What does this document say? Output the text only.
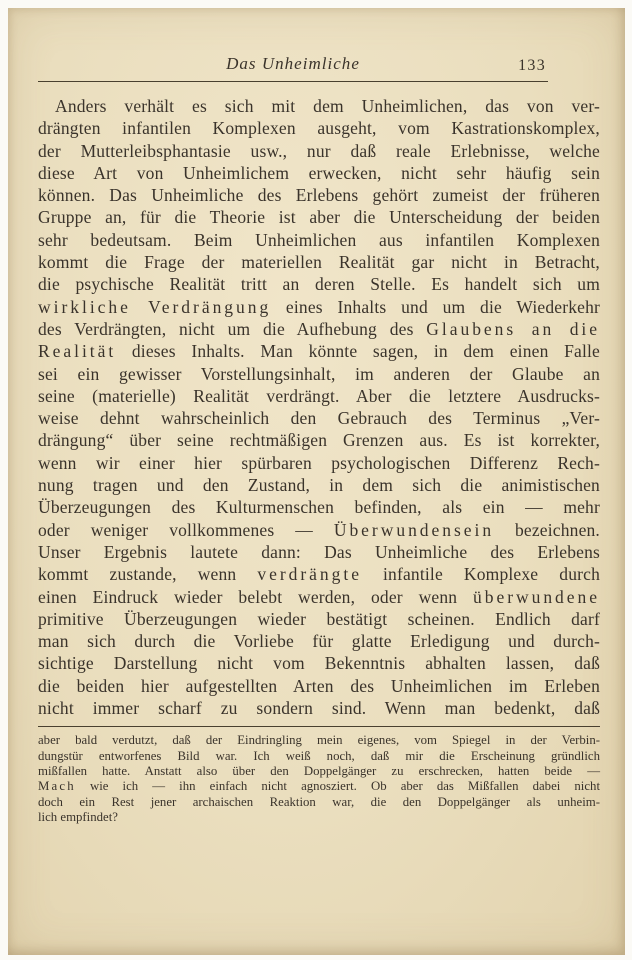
Das Unheimliche	133
Anders verhält es sich mit dem Unheimlichen, das von ver-
drängten infantilen Komplexen ausgeht, vom Kastrationskomplex,
der Mutterleibsphantasie usw., nur daß reale Erlebnisse, welche
diese Art von Unheimlichem erwecken, nicht sehr häufig sein
können. Das Unheimliche des Erlebens gehört zumeist der früheren
Gruppe an, für die Theorie ist aber die Unterscheidung der beiden
sehr bedeutsam. Beim Unheimlichen aus infantilen Komplexen
kommt die Frage der materiellen Realität gar nicht in Betracht,
die psychische Realität tritt an deren Stelle. Es handelt sich um
wirkliche Verdrängung eines Inhalts und um die Wiederkehr
des Verdrängten, nicht um die Aufhebung des Glaubens an die
Realität dieses Inhalts. Man könnte sagen, in dem einen Falle
sei ein gewisser Vorstellungsinhalt, im anderen der Glaube an
seine (materielle) Realität verdrängt. Aber die letztere Ausdrucks-
weise dehnt wahrscheinlich den Gebrauch des Terminus „Ver-
drängung“ über seine rechtmäßigen Grenzen aus. Es ist korrekter,
wenn wir einer hier spürbaren psychologischen Differenz Rech-
nung tragen und den Zustand, in dem sich die animistischen
Überzeugungen des Kulturmenschen befinden, als ein — mehr
oder weniger vollkommenes — Überwundensein bezeichnen.
Unser Ergebnis lautete dann: Das Unheimliche des Erlebens
kommt zustande, wenn verdrängte infantile Komplexe durch
einen Eindruck wieder belebt werden, oder wenn überwundene
primitive Überzeugungen wieder bestätigt scheinen. Endlich darf
man sich durch die Vorliebe für glatte Erledigung und durch-
sichtige Darstellung nicht vom Bekenntnis abhalten lassen, daß
die beiden hier aufgestellten Arten des Unheimlichen im Erleben
nicht immer scharf zu sondern sind. Wenn man bedenkt, daß
aber bald verdutzt, daß der Eindringling mein eigenes, vom Spiegel in der Verbin-
dungstür entworfenes Bild war. Ich weiß noch, daß mir die Erscheinung gründlich
mißfallen hatte. Anstatt also über den Doppelgänger zu erschrecken, hatten beide —
Mach wie ich — ihn einfach nicht agnosziert. Ob aber das Mißfallen dabei nicht
doch ein Rest jener archaischen Reaktion war, die den Doppelgänger als unheim-
lich empfindet?
